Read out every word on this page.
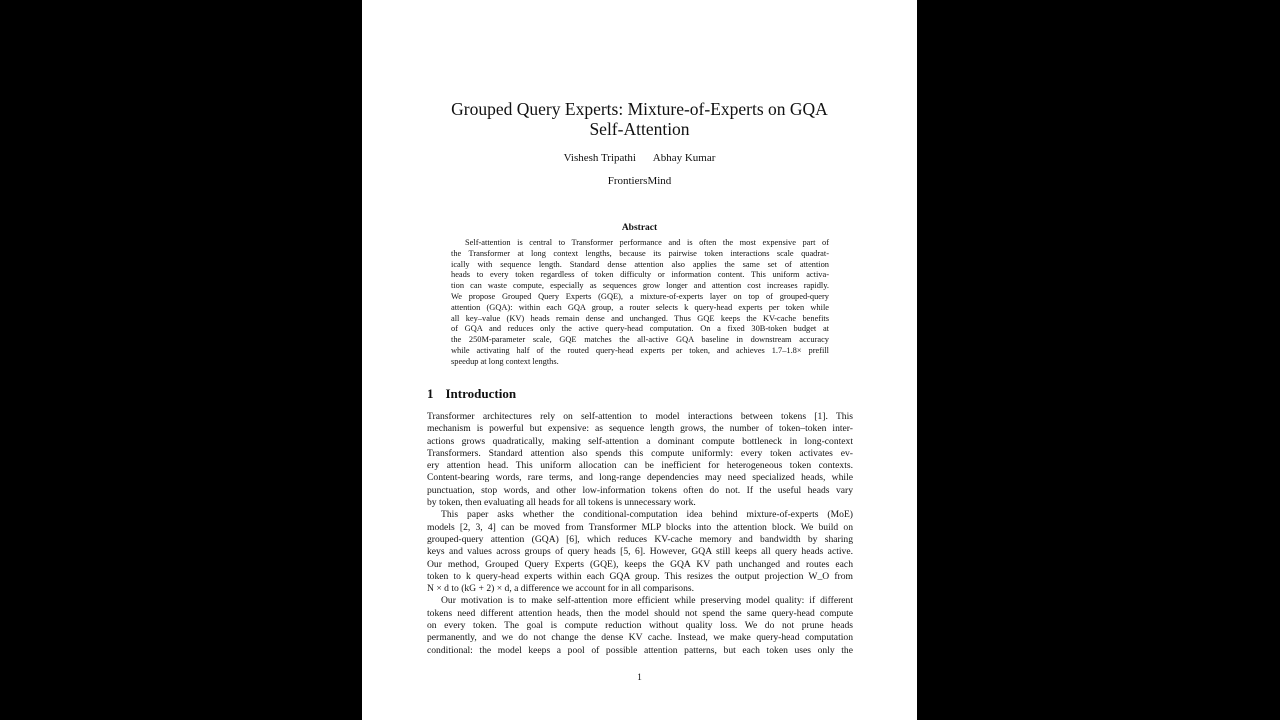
Grouped Query Experts: Mixture-of-Experts on GQA
Self-Attention
Vishesh Tripathi Abhay Kumar
FrontiersMind
Abstract
Self-attention is central to Transformer performance and is often the most expensive part of
the Transformer at long context lengths, because its pairwise token interactions scale quadrat-
ically with sequence length. Standard dense attention also applies the same set of attention
heads to every token regardless of token difficulty or information content. This uniform activa-
tion can waste compute, especially as sequences grow longer and attention cost increases rapidly.
We propose Grouped Query Experts (GQE), a mixture-of-experts layer on top of grouped-query
attention (GQA): within each GQA group, a router selects k query-head experts per token while
all key–value (KV) heads remain dense and unchanged. Thus GQE keeps the KV-cache benefits
of GQA and reduces only the active query-head computation. On a fixed 30B-token budget at
the 250M-parameter scale, GQE matches the all-active GQA baseline in downstream accuracy
while activating half of the routed query-head experts per token, and achieves 1.7–1.8× prefill
speedup at long context lengths.
1 Introduction
Transformer architectures rely on self-attention to model interactions between tokens [1]. This
mechanism is powerful but expensive: as sequence length grows, the number of token–token inter-
actions grows quadratically, making self-attention a dominant compute bottleneck in long-context
Transformers. Standard attention also spends this compute uniformly: every token activates ev-
ery attention head. This uniform allocation can be inefficient for heterogeneous token contexts.
Content-bearing words, rare terms, and long-range dependencies may need specialized heads, while
punctuation, stop words, and other low-information tokens often do not. If the useful heads vary
by token, then evaluating all heads for all tokens is unnecessary work.
This paper asks whether the conditional-computation idea behind mixture-of-experts (MoE)
models [2, 3, 4] can be moved from Transformer MLP blocks into the attention block. We build on
grouped-query attention (GQA) [6], which reduces KV-cache memory and bandwidth by sharing
keys and values across groups of query heads [5, 6]. However, GQA still keeps all query heads active.
Our method, Grouped Query Experts (GQE), keeps the GQA KV path unchanged and routes each
token to k query-head experts within each GQA group. This resizes the output projection W_O from
N × d to (kG + 2) × d, a difference we account for in all comparisons.
Our motivation is to make self-attention more efficient while preserving model quality: if different
tokens need different attention heads, then the model should not spend the same query-head compute
on every token. The goal is compute reduction without quality loss. We do not prune heads
permanently, and we do not change the dense KV cache. Instead, we make query-head computation
conditional: the model keeps a pool of possible attention patterns, but each token uses only the
1
